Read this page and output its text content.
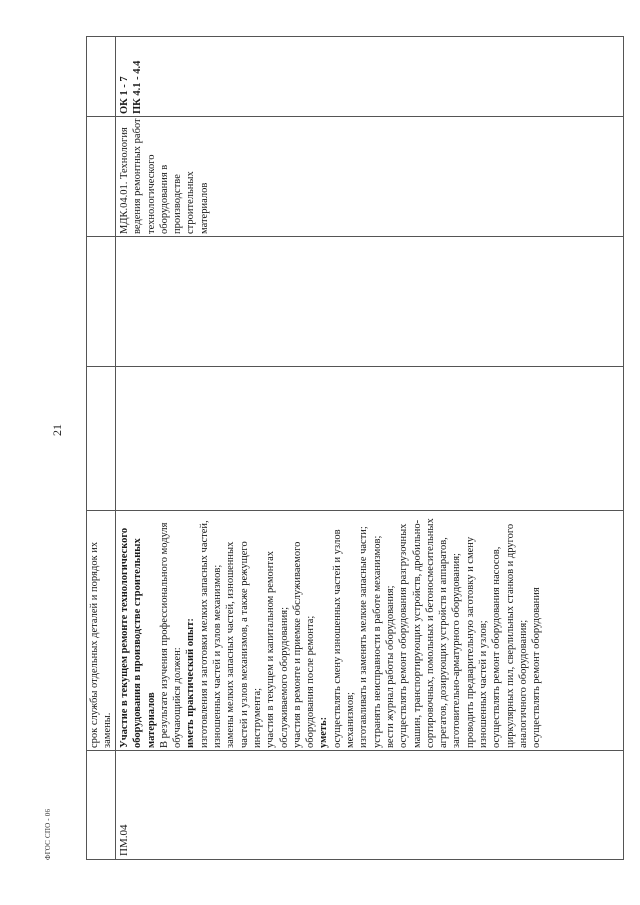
21
ФГОС СПО - 06
срок службы отдельных деталей и порядок их замены.
ПМ.04
Участие в текущем ремонте технологического оборудования в производстве строительных материалов В результате изучения профессионального модуля обучающийся должен: иметь практический опыт: изготовления и заготовки мелких запасных частей, изношенных частей и узлов механизмов; замены мелких запасных частей, изношенных частей и узлов механизмов, а также режущего инструмента; участия в текущем и капитальном ремонтах обслуживаемого оборудования; участия в ремонте и приемке обслуживаемого оборудования после ремонта; уметь: осуществлять смену изношенных частей и узлов механизмов; изготавливать и заменять мелкие запасные части; устранять неисправности в работе механизмов; вести журнал работы оборудования; осуществлять ремонт оборудования разгрузочных машин, транспортирующих устройств, дробильно-сортировочных, помольных и бетоносмесительных агрегатов, дозирующих устройств и аппаратов, заготовительно-арматурного оборудования; проводить предварительную заготовку и смену изношенных частей и узлов; осуществлять ремонт оборудования насосов, циркулярных пил, сверлильных станков и другого аналогичного оборудования; осуществлять ремонт оборудования
МДК.04.01. Технология ведения ремонтных работ технологического оборудования в производстве строительных материалов
ОК 1 - 7 ПК 4.1 - 4.4
